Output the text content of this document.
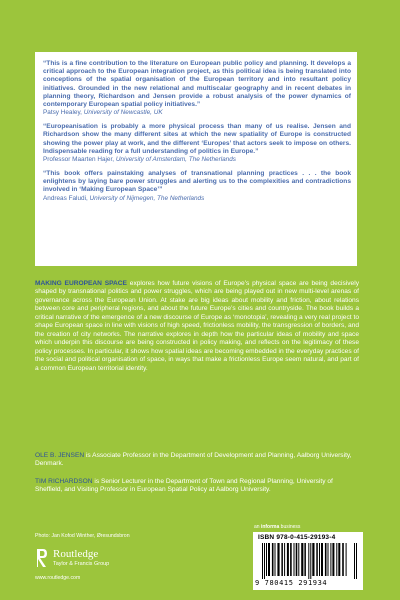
“This is a fine contribution to the literature on European public policy and planning. It develops a critical approach to the European integration project, as this political idea is being translated into conceptions of the spatial organisation of the European territory and into resultant policy initiatives. Grounded in the new relational and multiscalar geography and in recent debates in planning theory, Richardson and Jensen provide a robust analysis of the power dynamics of contemporary European spatial policy initiatives.”

Patsy Healey, University of Newcastle, UK

“Europeanisation is probably a more physical process than many of us realise. Jensen and Richardson show the many different sites at which the new spatiality of Europe is constructed showing the power play at work, and the different ‘Europes’ that actors seek to impose on others. Indispensable reading for a full understanding of politics in Europe.”

Professor Maarten Hajer, University of Amsterdam, The Netherlands

“This book offers painstaking analyses of transnational planning practices . . . the book enlightens by laying bare power struggles and alerting us to the complexities and contradictions involved in ‘Making European Space’”

Andreas Faludi, University of Nijmegen, The Netherlands

MAKING EUROPEAN SPACE explores how future visions of Europe’s physical space are being decisively shaped by transnational politics and power struggles, which are being played out in new multi-level arenas of governance across the European Union. At stake are big ideas about mobility and friction, about relations between core and peripheral regions, and about the future Europe’s cities and countryside. The book builds a critical narrative of the emergence of a new discourse of Europe as ‘monotopia’, revealing a very real project to shape European space in line with visions of high speed, frictionless mobility, the transgression of borders, and the creation of city networks. The narrative explores in depth how the particular ideas of mobility and space which underpin this discourse are being constructed in policy making, and reflects on the legitimacy of these policy processes. In particular, it shows how spatial ideas are becoming embedded in the everyday practices of the social and political organisation of space, in ways that make a frictionless Europe seem natural, and part of a common European territorial identity.

OLE B. JENSEN is Associate Professor in the Department of Development and Planning, Aalborg University, Denmark.

TIM RICHARDSON is Senior Lecturer in the Department of Town and Regional Planning, University of Sheffield, and Visiting Professor in European Spatial Policy at Aalborg University.

Photo: Jan Kofod Winther, Øresundsbron
Routledge
Taylor & Francis Group
www.routledge.com
an informa business
ISBN 978-0-415-29193-4
9 780415 291934
